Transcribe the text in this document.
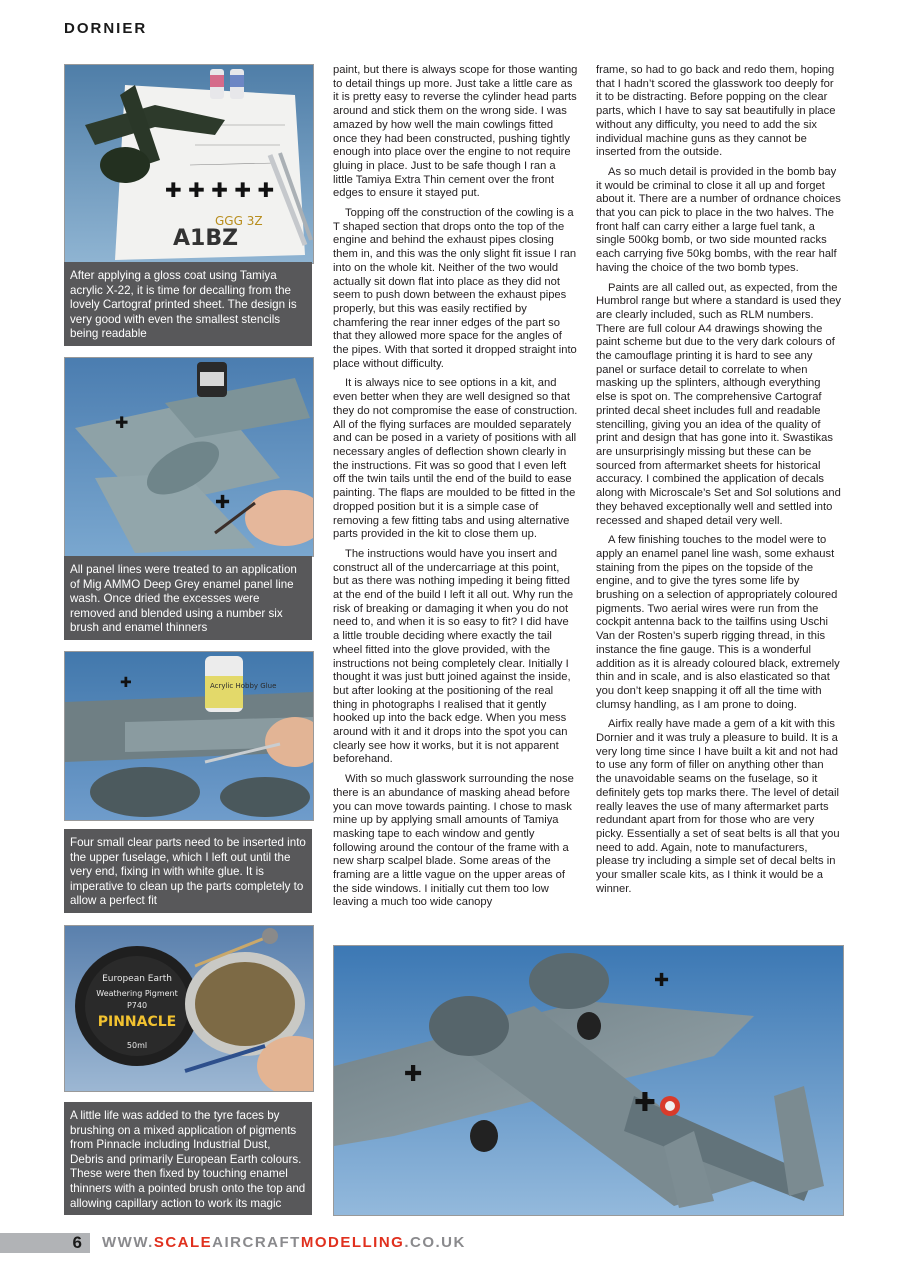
DORNIER
✚ ✚ ✚ ✚ ✚
A1BZ
GGG 3Z
After applying a gloss coat using Tamiya acrylic X-22, it is time for decalling from the lovely Cartograf printed sheet. The design is very good with even the smallest stencils being readable
✚
✚
All panel lines were treated to an application of Mig AMMO Deep Grey enamel panel line wash. Once dried the excesses were removed and blended using a number six brush and enamel thinners
✚	Acrylic Hobby Glue
Four small clear parts need to be inserted into the upper fuselage, which I left out until the very end, fixing in with white glue. It is imperative to clean up the parts completely to allow a perfect fit
European Earth
Weathering Pigment
P740
PINNACLE
50ml
A little life was added to the tyre faces by brushing on a mixed application of pigments from Pinnacle including Industrial Dust, Debris and primarily European Earth colours. These were then fixed by touching enamel thinners with a pointed brush onto the top and allowing capillary action to work its magic

paint, but there is always scope for those wanting to detail things up more. Just take a little care as it is pretty easy to reverse the cylinder head parts around and stick them on the wrong side. I was amazed by how well the main cowlings fitted once they had been constructed, pushing tightly enough into place over the engine to not require gluing in place. Just to be safe though I ran a little Tamiya Extra Thin cement over the front edges to ensure it stayed put.

Topping off the construction of the cowling is a T shaped section that drops onto the top of the engine and behind the exhaust pipes closing them in, and this was the only slight fit issue I ran into on the whole kit. Neither of the two would actually sit down flat into place as they did not seem to push down between the exhaust pipes properly, but this was easily rectified by chamfering the rear inner edges of the part so that they allowed more space for the angles of the pipes. With that sorted it dropped straight into place without difficulty.

It is always nice to see options in a kit, and even better when they are well designed so that they do not compromise the ease of construction. All of the flying surfaces are moulded separately and can be posed in a variety of positions with all necessary angles of deflection shown clearly in the instructions. Fit was so good that I even left off the twin tails until the end of the build to ease painting. The flaps are moulded to be fitted in the dropped position but it is a simple case of removing a few fitting tabs and using alternative parts provided in the kit to close them up.

The instructions would have you insert and construct all of the undercarriage at this point, but as there was nothing impeding it being fitted at the end of the build I left it all out. Why run the risk of breaking or damaging it when you do not need to, and when it is so easy to fit? I did have a little trouble deciding where exactly the tail wheel fitted into the glove provided, with the instructions not being completely clear. Initially I thought it was just butt joined against the inside, but after looking at the positioning of the real thing in photographs I realised that it gently hooked up into the back edge. When you mess around with it and it drops into the spot you can clearly see how it works, but it is not apparent beforehand.

With so much glasswork surrounding the nose there is an abundance of masking ahead before you can move towards painting. I chose to mask mine up by applying small amounts of Tamiya masking tape to each window and gently following around the contour of the frame with a new sharp scalpel blade. Some areas of the framing are a little vague on the upper areas of the side windows. I initially cut them too low leaving a much too wide canopy

frame, so had to go back and redo them, hoping that I hadn’t scored the glasswork too deeply for it to be distracting. Before popping on the clear parts, which I have to say sat beautifully in place without any difficulty, you need to add the six individual machine guns as they cannot be inserted from the outside.

As so much detail is provided in the bomb bay it would be criminal to close it all up and forget about it. There are a number of ordnance choices that you can pick to place in the two halves. The front half can carry either a large fuel tank, a single 500kg bomb, or two side mounted racks each carrying five 50kg bombs, with the rear half having the choice of the two bomb types.

Paints are all called out, as expected, from the Humbrol range but where a standard is used they are clearly included, such as RLM numbers. There are full colour A4 drawings showing the paint scheme but due to the very dark colours of the camouflage printing it is hard to see any panel or surface detail to correlate to when masking up the splinters, although everything else is spot on. The comprehensive Cartograf printed decal sheet includes full and readable stencilling, giving you an idea of the quality of print and design that has gone into it. Swastikas are unsurprisingly missing but these can be sourced from aftermarket sheets for historical accuracy. I combined the application of decals along with Microscale’s Set and Sol solutions and they behaved exceptionally well and settled into recessed and shaped detail very well.

A few finishing touches to the model were to apply an enamel panel line wash, some exhaust staining from the pipes on the topside of the engine, and to give the tyres some life by brushing on a selection of appropriately coloured pigments. Two aerial wires were run from the cockpit antenna back to the tailfins using Uschi Van der Rosten’s superb rigging thread, in this instance the fine gauge. This is a wonderful addition as it is already coloured black, extremely thin and in scale, and is also elasticated so that you don’t keep snapping it off all the time with clumsy handling, as I am prone to doing.

Airfix really have made a gem of a kit with this Dornier and it was truly a pleasure to build. It is a very long time since I have built a kit and not had to use any form of filler on anything other than the unavoidable seams on the fuselage, so it definitely gets top marks there. The level of detail really leaves the use of many aftermarket parts redundant apart from for those who are very picky. Essentially a set of seat belts is all that you need to add. Again, note to manufacturers, please try including a simple set of decal belts in your smaller scale kits, as I think it would be a winner.

✚
✚
✚
6	WWW.SCALEAIRCRAFTMODELLING.CO.UK
